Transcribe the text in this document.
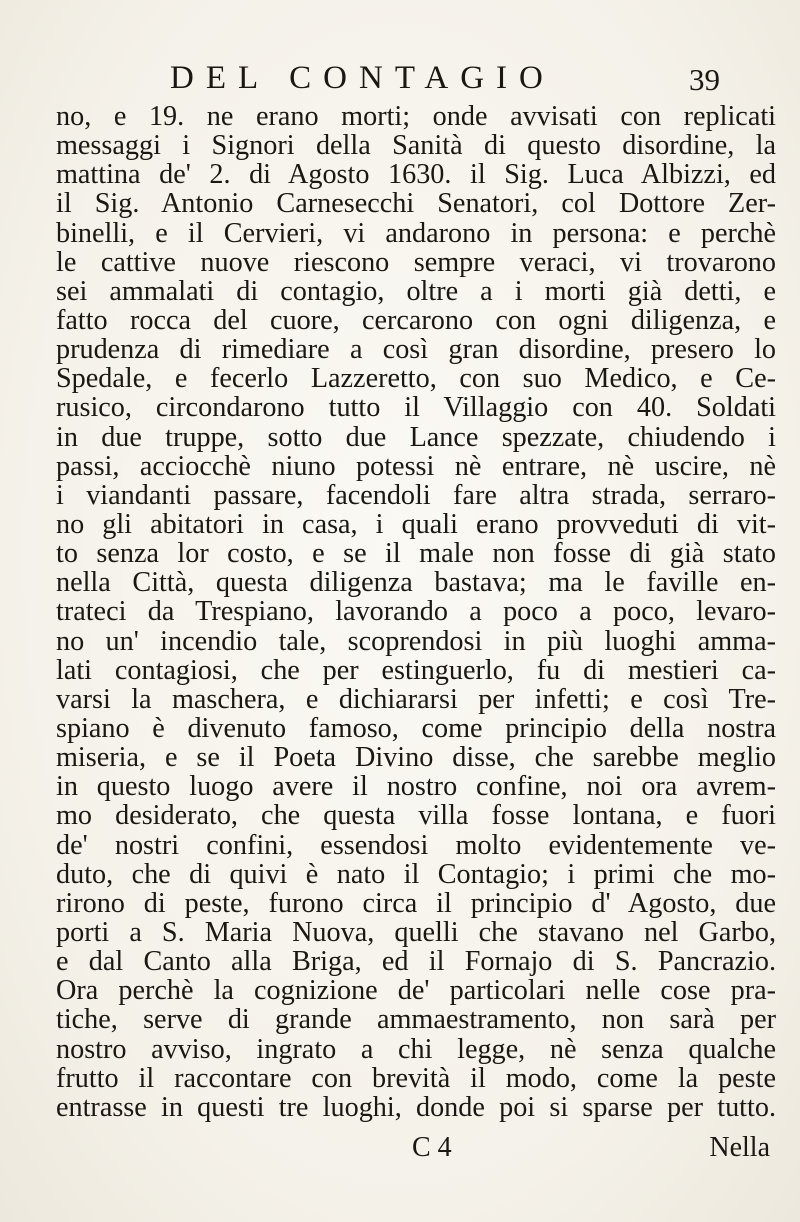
DEL CONTAGIO	39
no, e 19. ne erano morti; onde avvisati con replicati
messaggi i Signori della Sanità di questo disordine, la
mattina de' 2. di Agosto 1630. il Sig. Luca Albizzi, ed
il Sig. Antonio Carnesecchi Senatori, col Dottore Zer-
binelli, e il Cervieri, vi andarono in persona: e perchè
le cattive nuove riescono sempre veraci, vi trovarono
sei ammalati di contagio, oltre a i morti già detti, e
fatto rocca del cuore, cercarono con ogni diligenza, e
prudenza di rimediare a così gran disordine, presero lo
Spedale, e fecerlo Lazzeretto, con suo Medico, e Ce-
rusico, circondarono tutto il Villaggio con 40. Soldati
in due truppe, sotto due Lance spezzate, chiudendo i
passi, acciocchè niuno potessi nè entrare, nè uscire, nè
i viandanti passare, facendoli fare altra strada, serraro-
no gli abitatori in casa, i quali erano provveduti di vit-
to senza lor costo, e se il male non fosse di già stato
nella Città, questa diligenza bastava; ma le faville en-
trateci da Trespiano, lavorando a poco a poco, levaro-
no un' incendio tale, scoprendosi in più luoghi amma-
lati contagiosi, che per estinguerlo, fu di mestieri ca-
varsi la maschera, e dichiararsi per infetti; e così Tre-
spiano è divenuto famoso, come principio della nostra
miseria, e se il Poeta Divino disse, che sarebbe meglio
in questo luogo avere il nostro confine, noi ora avrem-
mo desiderato, che questa villa fosse lontana, e fuori
de' nostri confini, essendosi molto evidentemente ve-
duto, che di quivi è nato il Contagio; i primi che mo-
rirono di peste, furono circa il principio d' Agosto, due
porti a S. Maria Nuova, quelli che stavano nel Garbo,
e dal Canto alla Briga, ed il Fornajo di S. Pancrazio.
Ora perchè la cognizione de' particolari nelle cose pra-
tiche, serve di grande ammaestramento, non sarà per
nostro avviso, ingrato a chi legge, nè senza qualche
frutto il raccontare con brevità il modo, come la peste
entrasse in questi tre luoghi, donde poi si sparse per tutto.
C 4	Nella
